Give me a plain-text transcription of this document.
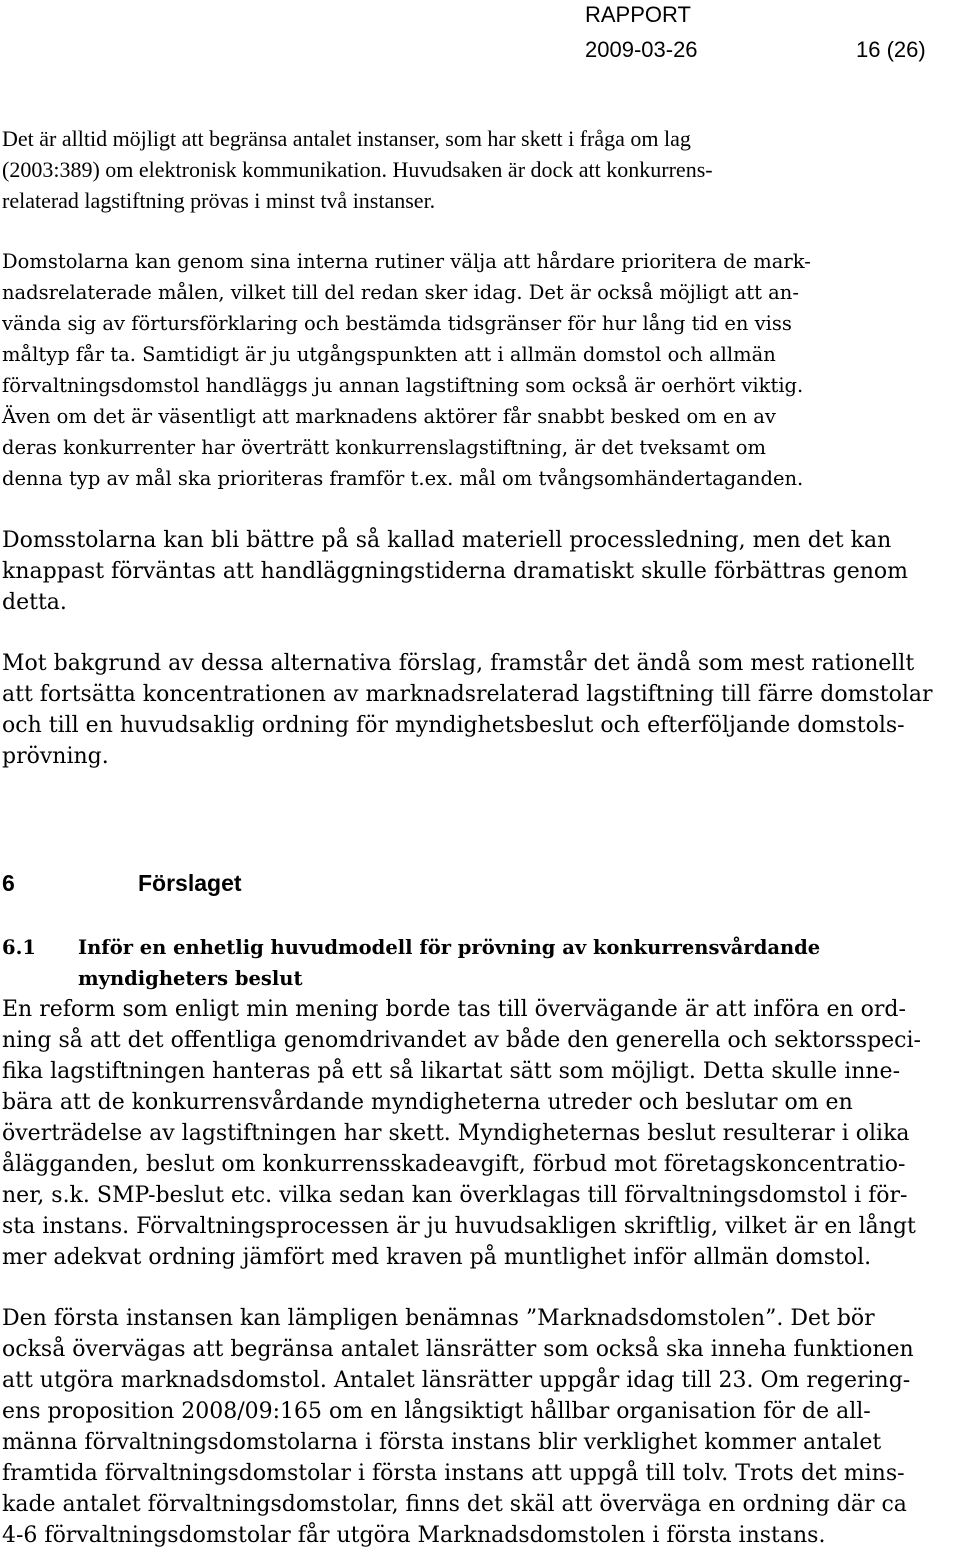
RAPPORT
2009-03-26	16 (26)
Det är alltid möjligt att begränsa antalet instanser, som har skett i fråga om lag
(2003:389) om elektronisk kommunikation. Huvudsaken är dock att konkurrens-
relaterad lagstiftning prövas i minst två instanser.
Domstolarna kan genom sina interna rutiner välja att hårdare prioritera de mark-
nadsrelaterade målen, vilket till del redan sker idag. Det är också möjligt att an-
vända sig av förtursförklaring och bestämda tidsgränser för hur lång tid en viss
måltyp får ta. Samtidigt är ju utgångspunkten att i allmän domstol och allmän
förvaltningsdomstol handläggs ju annan lagstiftning som också är oerhört viktig.
Även om det är väsentligt att marknadens aktörer får snabbt besked om en av
deras konkurrenter har överträtt konkurrenslagstiftning, är det tveksamt om
denna typ av mål ska prioriteras framför t.ex. mål om tvångsomhändertaganden.
Domsstolarna kan bli bättre på så kallad materiell processledning, men det kan
knappast förväntas att handläggningstiderna dramatiskt skulle förbättras genom
detta.
Mot bakgrund av dessa alternativa förslag, framstår det ändå som mest rationellt
att fortsätta koncentrationen av marknadsrelaterad lagstiftning till färre domstolar
och till en huvudsaklig ordning för myndighetsbeslut och efterföljande domstols-
prövning.
6	Förslaget
6.1 Inför en enhetlig huvudmodell för prövning av konkurrensvårdande
myndigheters beslut
En reform som enligt min mening borde tas till övervägande är att införa en ord-
ning så att det offentliga genomdrivandet av både den generella och sektorsspeci-
fika lagstiftningen hanteras på ett så likartat sätt som möjligt. Detta skulle inne-
bära att de konkurrensvårdande myndigheterna utreder och beslutar om en
överträdelse av lagstiftningen har skett. Myndigheternas beslut resulterar i olika
ålägganden, beslut om konkurrensskadeavgift, förbud mot företagskoncentratio-
ner, s.k. SMP-beslut etc. vilka sedan kan överklagas till förvaltningsdomstol i för-
sta instans. Förvaltningsprocessen är ju huvudsakligen skriftlig, vilket är en långt
mer adekvat ordning jämfört med kraven på muntlighet inför allmän domstol.
Den första instansen kan lämpligen benämnas ”Marknadsdomstolen”. Det bör
också övervägas att begränsa antalet länsrätter som också ska inneha funktionen
att utgöra marknadsdomstol. Antalet länsrätter uppgår idag till 23. Om regering-
ens proposition 2008/09:165 om en långsiktigt hållbar organisation för de all-
männa förvaltningsdomstolarna i första instans blir verklighet kommer antalet
framtida förvaltningsdomstolar i första instans att uppgå till tolv. Trots det mins-
kade antalet förvaltningsdomstolar, finns det skäl att överväga en ordning där ca
4-6 förvaltningsdomstolar får utgöra Marknadsdomstolen i första instans.
